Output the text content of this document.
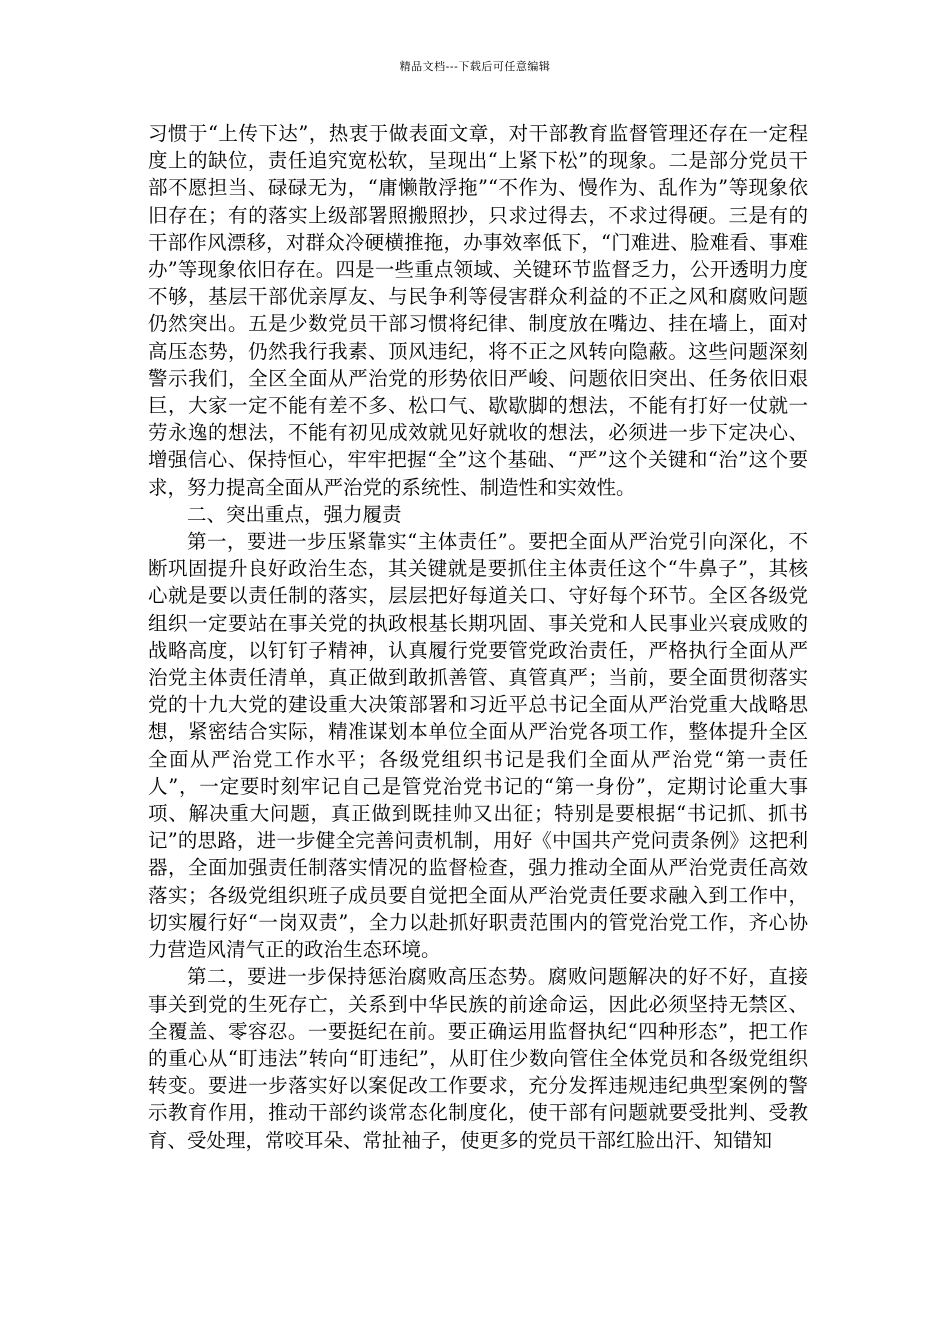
精品文档---下载后可任意编辑

习惯于“上传下达”，热衷于做表面文章，对干部教育监督管理还存在一定程度上的缺位，责任追究宽松软，呈现出“上紧下松”的现象。二是部分党员干部不愿担当、碌碌无为，“庸懒散浮拖”“不作为、慢作为、乱作为”等现象依旧存在；有的落实上级部署照搬照抄，只求过得去，不求过得硬。三是有的干部作风漂移，对群众冷硬横推拖，办事效率低下，“门难进、脸难看、事难办”等现象依旧存在。四是一些重点领域、关键环节监督乏力，公开透明力度不够，基层干部优亲厚友、与民争利等侵害群众利益的不正之风和腐败问题仍然突出。五是少数党员干部习惯将纪律、制度放在嘴边、挂在墙上，面对高压态势，仍然我行我素、顶风违纪，将不正之风转向隐蔽。这些问题深刻警示我们，全区全面从严治党的形势依旧严峻、问题依旧突出、任务依旧艰巨，大家一定不能有差不多、松口气、歇歇脚的想法，不能有打好一仗就一劳永逸的想法，不能有初见成效就见好就收的想法，必须进一步下定决心、增强信心、保持恒心，牢牢把握“全”这个基础、“严”这个关键和“治”这个要求，努力提高全面从严治党的系统性、制造性和实效性。

二、突出重点，强力履责

第一，要进一步压紧靠实“主体责任”。要把全面从严治党引向深化，不断巩固提升良好政治生态，其关键就是要抓住主体责任这个“牛鼻子”，其核心就是要以责任制的落实，层层把好每道关口、守好每个环节。全区各级党组织一定要站在事关党的执政根基长期巩固、事关党和人民事业兴衰成败的战略高度，以钉钉子精神，认真履行党要管党政治责任，严格执行全面从严治党主体责任清单，真正做到敢抓善管、真管真严；当前，要全面贯彻落实党的十九大党的建设重大决策部署和习近平总书记全面从严治党重大战略思想，紧密结合实际，精准谋划本单位全面从严治党各项工作，整体提升全区全面从严治党工作水平；各级党组织书记是我们全面从严治党“第一责任人”，一定要时刻牢记自己是管党治党书记的“第一身份”，定期讨论重大事项、解决重大问题，真正做到既挂帅又出征；特别是要根据“书记抓、抓书记”的思路，进一步健全完善问责机制，用好《中国共产党问责条例》这把利器，全面加强责任制落实情况的监督检查，强力推动全面从严治党责任高效落实；各级党组织班子成员要自觉把全面从严治党责任要求融入到工作中，切实履行好“一岗双责”，全力以赴抓好职责范围内的管党治党工作，齐心协力营造风清气正的政治生态环境。

第二，要进一步保持惩治腐败高压态势。腐败问题解决的好不好，直接事关到党的生死存亡，关系到中华民族的前途命运，因此必须坚持无禁区、全覆盖、零容忍。一要挺纪在前。要正确运用监督执纪“四种形态”，把工作的重心从“盯违法”转向“盯违纪”，从盯住少数向管住全体党员和各级党组织转变。要进一步落实好以案促改工作要求，充分发挥违规违纪典型案例的警示教育作用，推动干部约谈常态化制度化，使干部有问题就要受批判、受教育、受处理，常咬耳朵、常扯袖子，使更多的党员干部红脸出汗、知错知
